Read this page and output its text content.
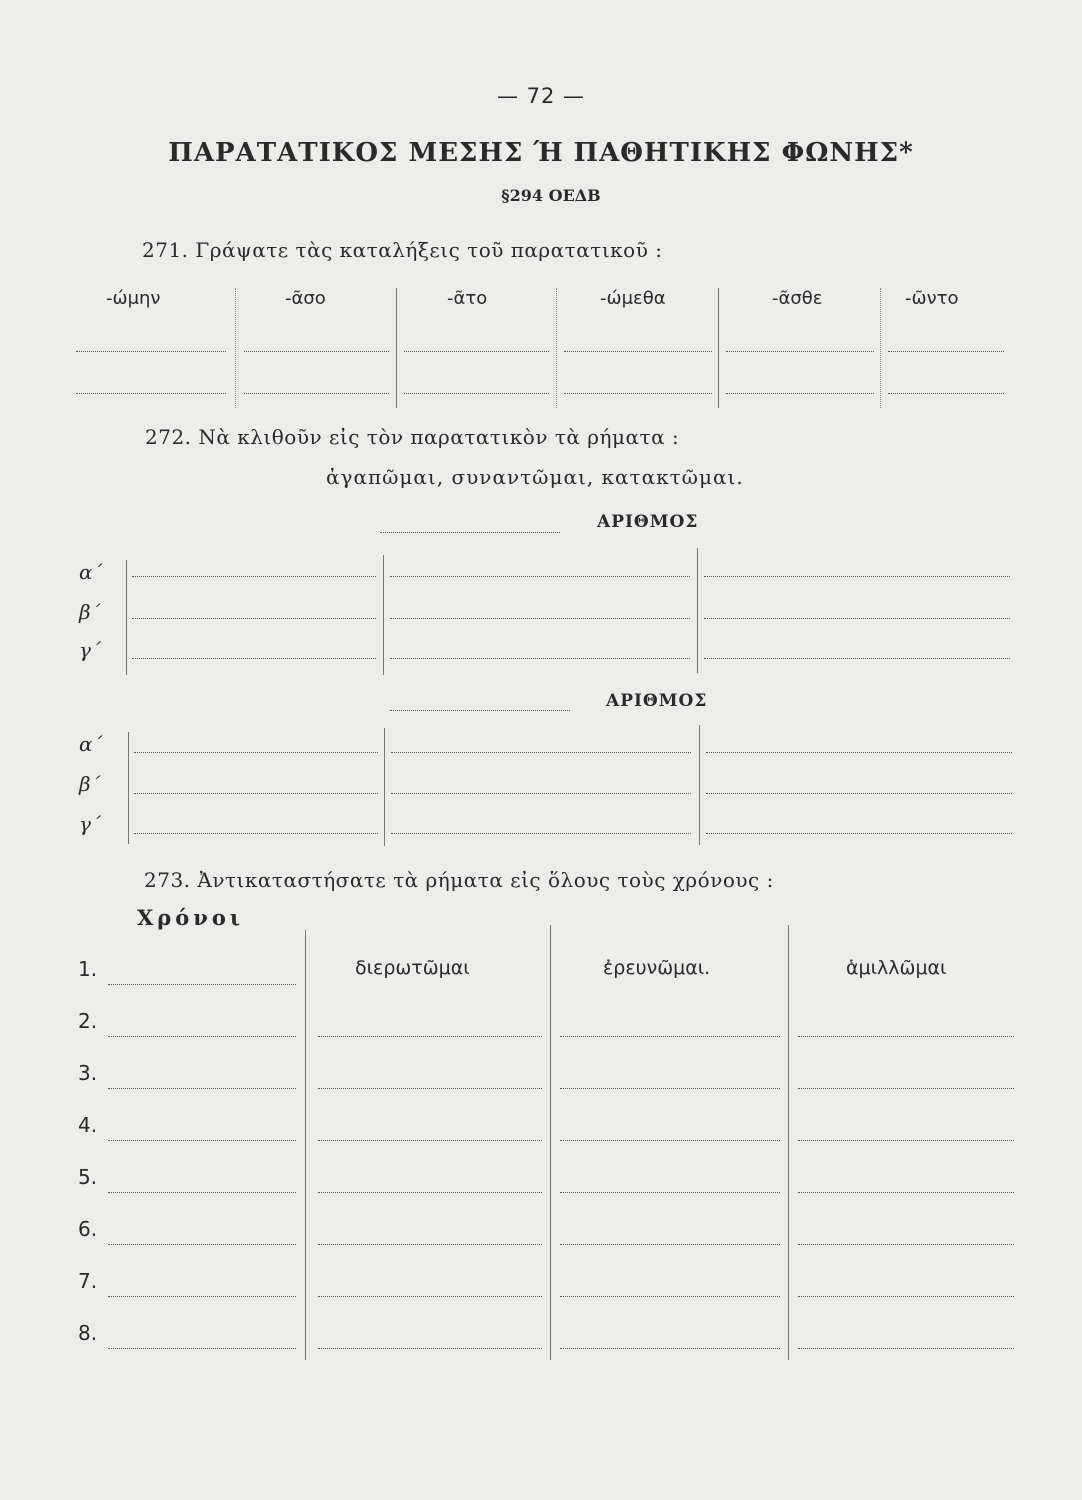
— 72 —
ΠΑΡΑΤΑΤΙΚΟΣ ΜΕΣΗΣ Ή ΠΑΘΗΤΙΚΗΣ ΦΩΝΗΣ*
§294 ΟΕΔΒ
271. Γράψατε τὰς καταλήξεις τοῦ παρατατικοῦ :
-ώμην	-ᾶσο	-ᾶτο	-ώμεθα	-ᾶσθε	-ῶντο
272. Νὰ κλιθοῦν εἰς τὸν παρατατικὸν τὰ ρήματα :
ἀγαπῶμαι, συναντῶμαι, κατακτῶμαι.
ΑΡΙΘΜΟΣ
α΄
β΄
γ΄
ΑΡΙΘΜΟΣ
α΄
β΄
γ΄
273. Ἀντικαταστήσατε τὰ ρήματα εἰς ὅλους τοὺς χρόνους :
Χρόνοι
διερωτῶμαι	ἐρευνῶμαι.	ἁμιλλῶμαι
1.
2.
3.
4.
5.
6.
7.
8.
